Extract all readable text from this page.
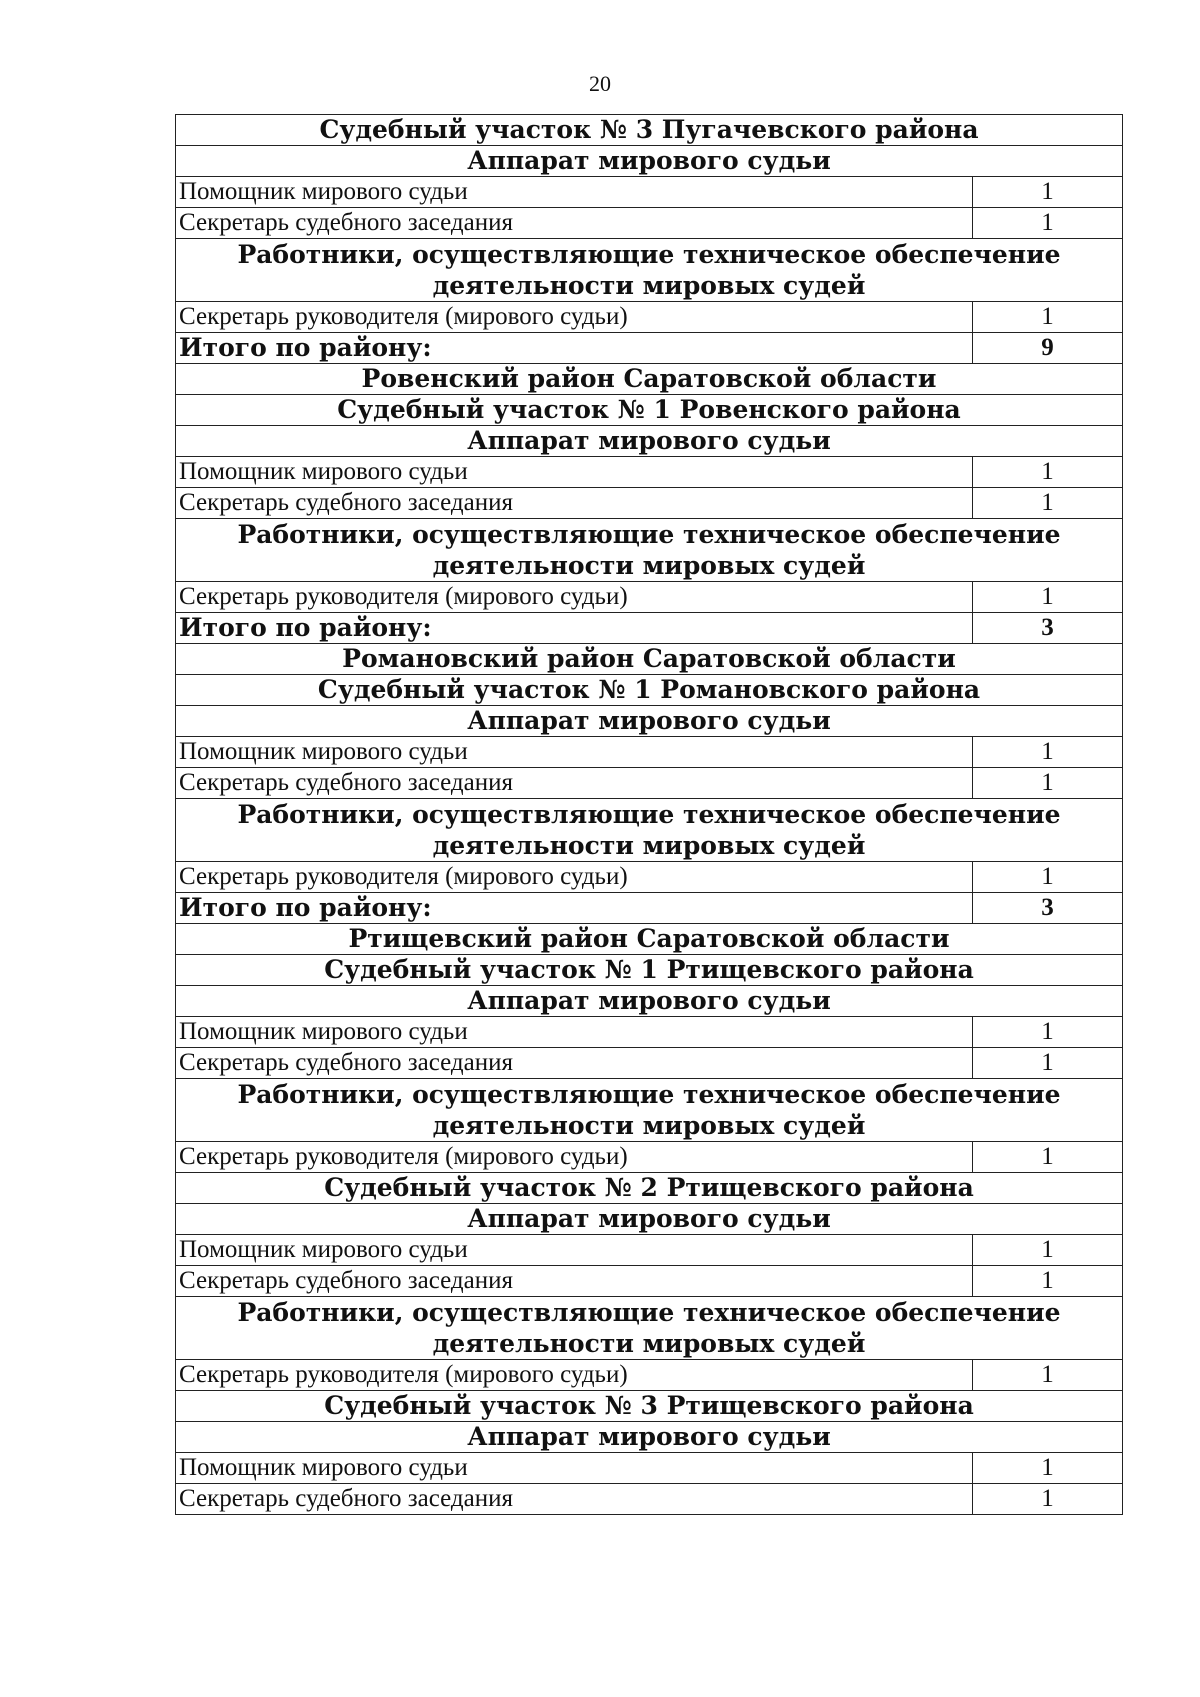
20
Судебный участок № 3 Пугачевского района	
Аппарат мирового судьи	
Помощник мирового судьи	1
Секретарь судебного заседания	1
Работники, осуществляющие техническое обеспечение деятельности мировых судей	
Секретарь руководителя (мирового судьи)	1
Итого по району:	9
Ровенский район Саратовской области	
Судебный участок № 1 Ровенского района	
Аппарат мирового судьи	
Помощник мирового судьи	1
Секретарь судебного заседания	1
Работники, осуществляющие техническое обеспечение деятельности мировых судей	
Секретарь руководителя (мирового судьи)	1
Итого по району:	3
Романовский район Саратовской области	
Судебный участок № 1 Романовского района	
Аппарат мирового судьи	
Помощник мирового судьи	1
Секретарь судебного заседания	1
Работники, осуществляющие техническое обеспечение деятельности мировых судей	
Секретарь руководителя (мирового судьи)	1
Итого по району:	3
Ртищевский район Саратовской области	
Судебный участок № 1 Ртищевского района	
Аппарат мирового судьи	
Помощник мирового судьи	1
Секретарь судебного заседания	1
Работники, осуществляющие техническое обеспечение деятельности мировых судей	
Секретарь руководителя (мирового судьи)	1
Судебный участок № 2 Ртищевского района	
Аппарат мирового судьи	
Помощник мирового судьи	1
Секретарь судебного заседания	1
Работники, осуществляющие техническое обеспечение деятельности мировых судей	
Секретарь руководителя (мирового судьи)	1
Судебный участок № 3 Ртищевского района	
Аппарат мирового судьи	
Помощник мирового судьи	1
Секретарь судебного заседания	1
